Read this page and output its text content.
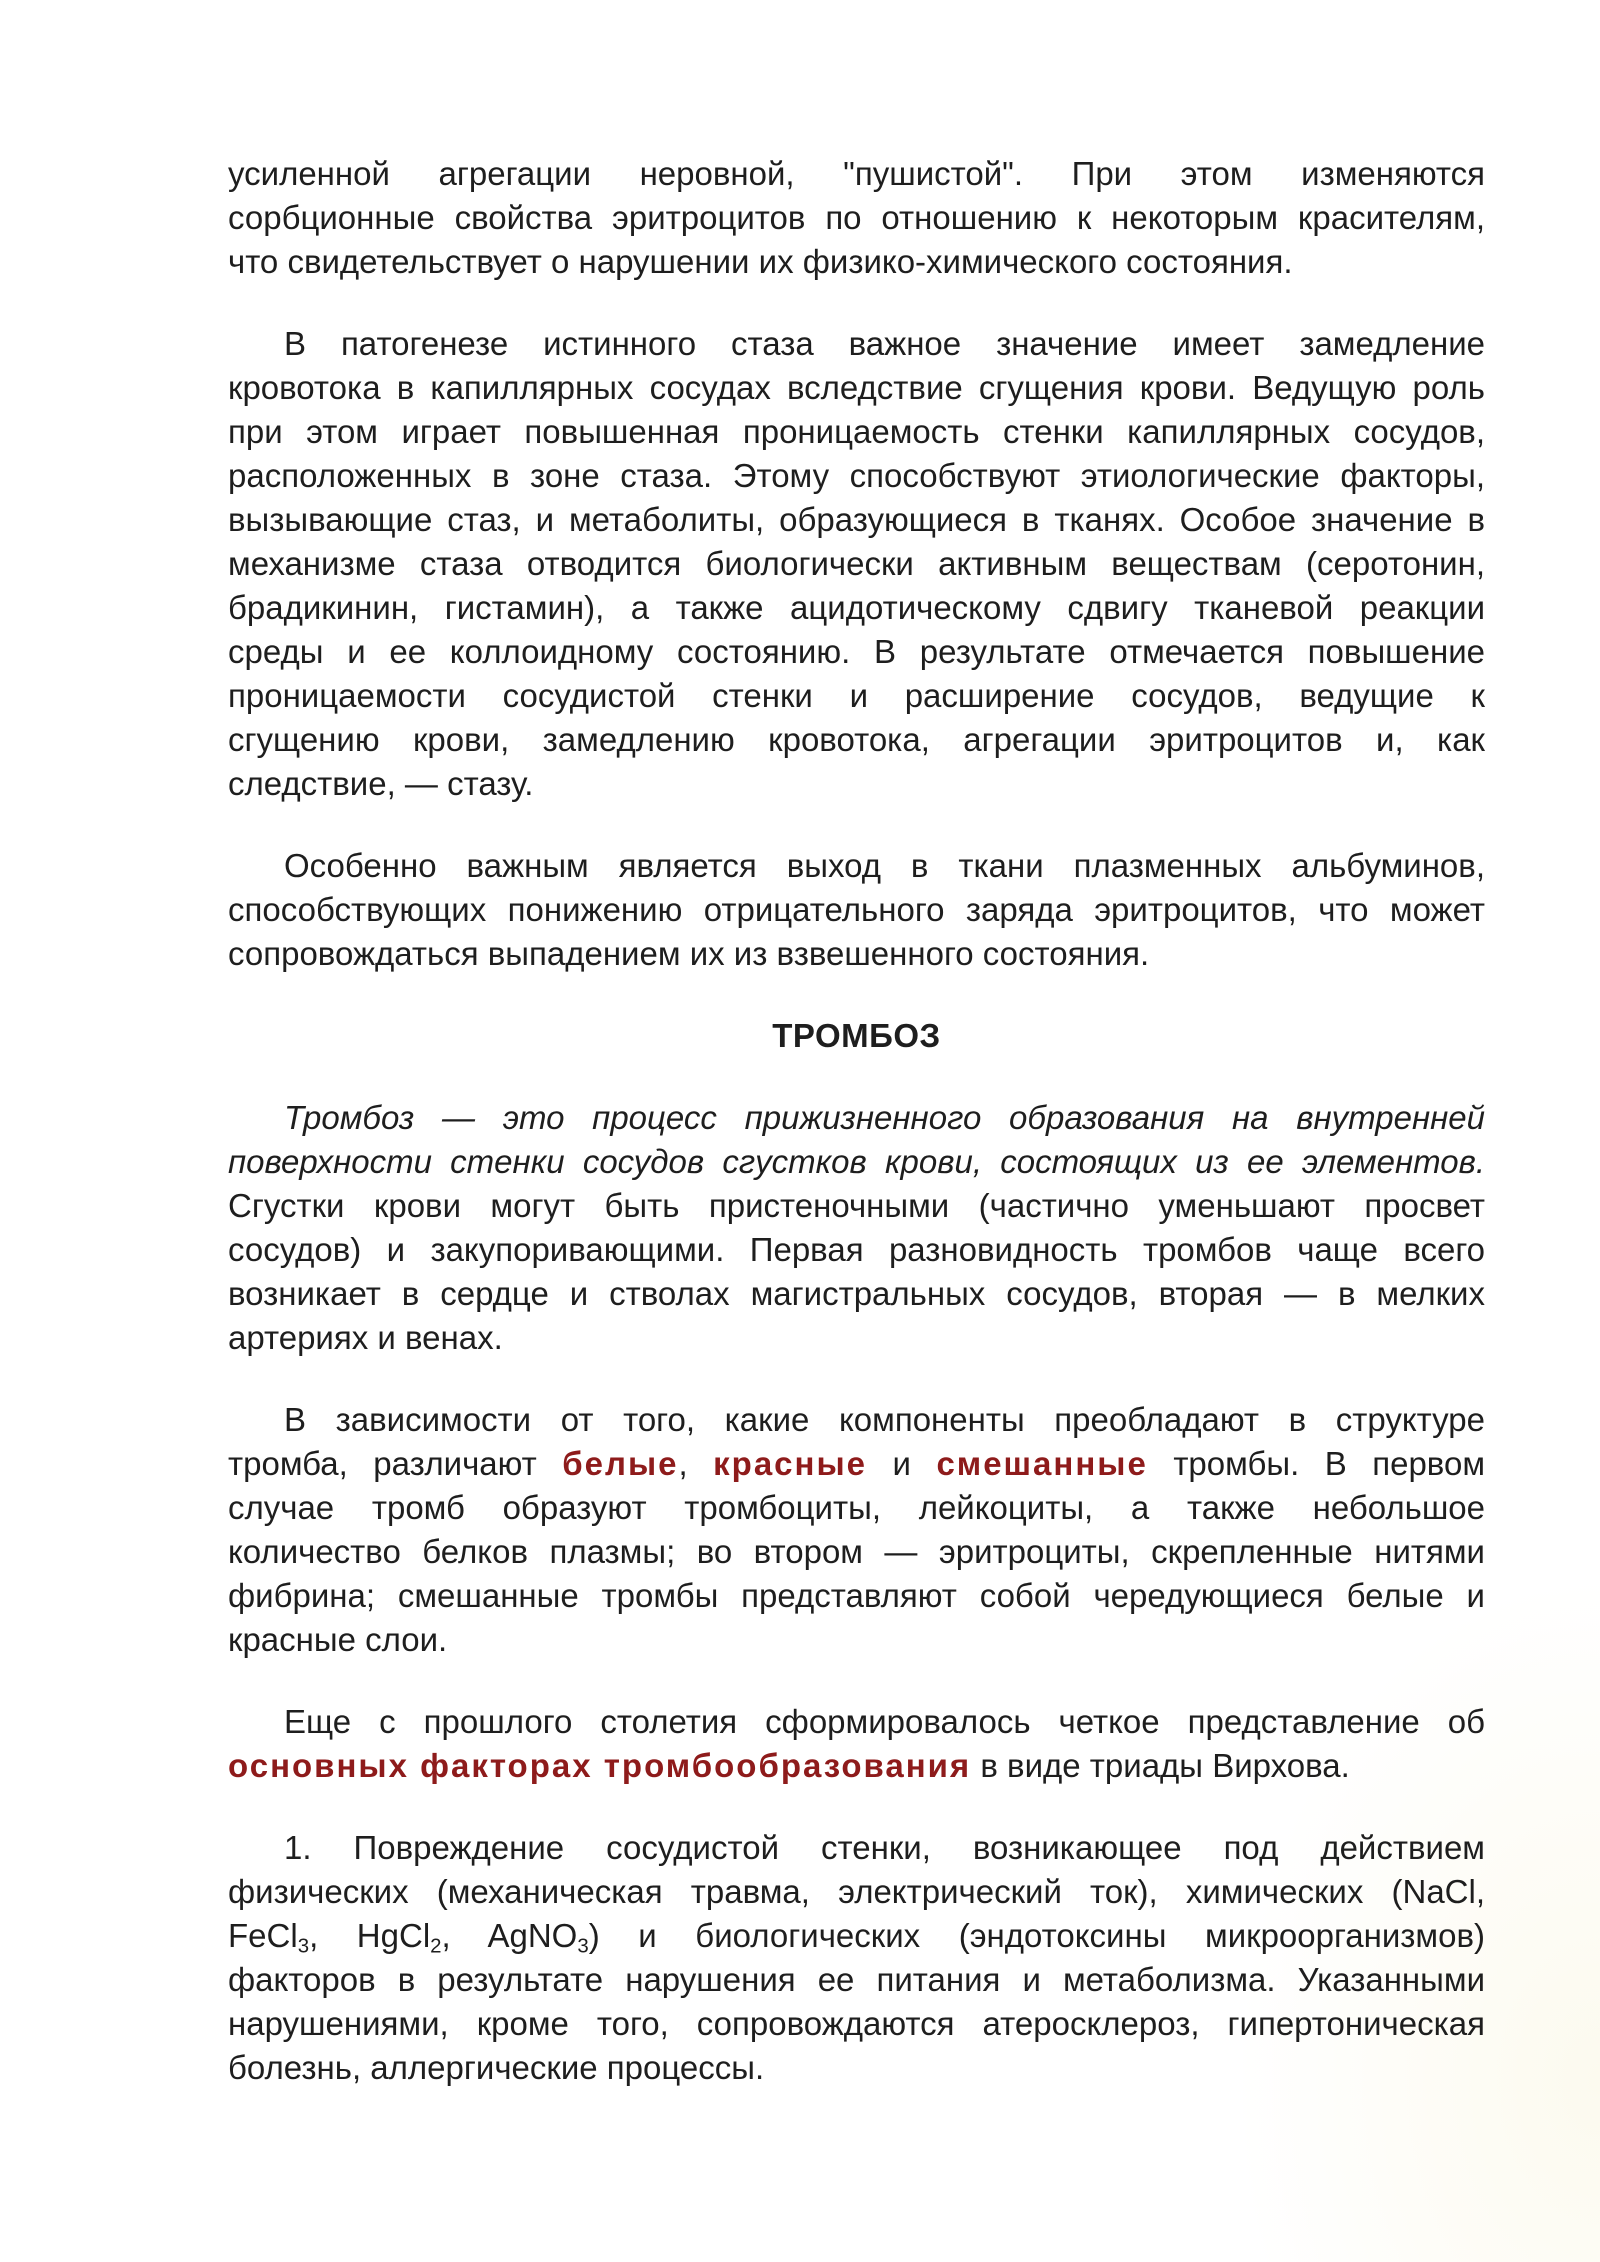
усиленной агрегации неровной, "пушистой". При этом изменяются
сорбционные свойства эритроцитов по отношению к некоторым красителям,
что свидетельствует о нарушении их физико-химического состояния.
В патогенезе истинного стаза важное значение имеет замедление
кровотока в капиллярных сосудах вследствие сгущения крови. Ведущую роль
при этом играет повышенная проницаемость стенки капиллярных сосудов,
расположенных в зоне стаза. Этому способствуют этиологические факторы,
вызывающие стаз, и метаболиты, образующиеся в тканях. Особое значение в
механизме стаза отводится биологически активным веществам (серотонин,
брадикинин, гистамин), а также ацидотическому сдвигу тканевой реакции
среды и ее коллоидному состоянию. В результате отмечается повышение
проницаемости сосудистой стенки и расширение сосудов, ведущие к
сгущению крови, замедлению кровотока, агрегации эритроцитов и, как
следствие, — стазу.
Особенно важным является выход в ткани плазменных альбуминов,
способствующих понижению отрицательного заряда эритроцитов, что может
сопровождаться выпадением их из взвешенного состояния.
ТРОМБОЗ
Тромбоз — это процесс прижизненного образования на внутренней
поверхности стенки сосудов сгустков крови, состоящих из ее элементов.
Сгустки крови могут быть пристеночными (частично уменьшают просвет
сосудов) и закупоривающими. Первая разновидность тромбов чаще всего
возникает в сердце и стволах магистральных сосудов, вторая — в мелких
артериях и венах.
В зависимости от того, какие компоненты преобладают в структуре
тромба, различают белые, красные и смешанные тромбы. В первом
случае тромб образуют тромбоциты, лейкоциты, а также небольшое
количество белков плазмы; во втором — эритроциты, скрепленные нитями
фибрина; смешанные тромбы представляют собой чередующиеся белые и
красные слои.
Еще с прошлого столетия сформировалось четкое представление об
основных факторах тромбообразования в виде триады Вирхова.
1. Повреждение сосудистой стенки, возникающее под действием
физических (механическая травма, электрический ток), химических (NaCl,
FeCl$_3$, HgCl$_2$, AgNO$_3$) и биологических (эндотоксины микроорганизмов)
факторов в результате нарушения ее питания и метаболизма. Указанными
нарушениями, кроме того, сопровождаются атеросклероз, гипертоническая
болезнь, аллергические процессы.
